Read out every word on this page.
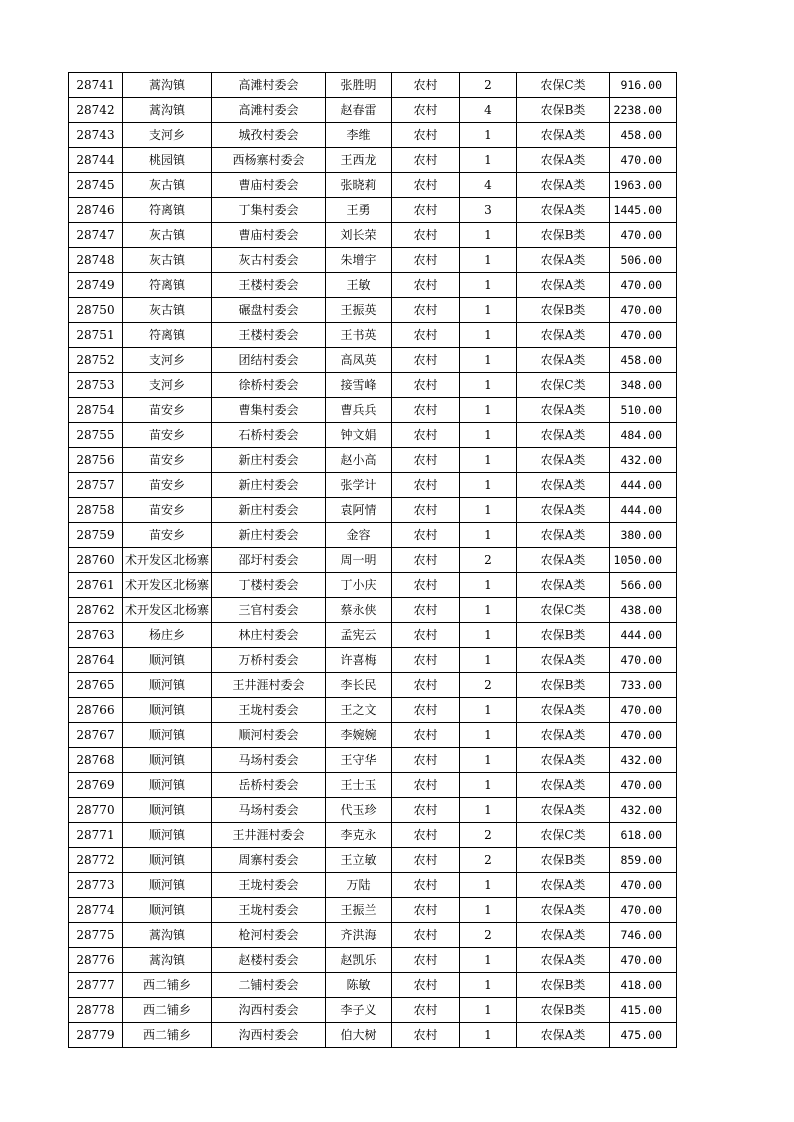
28741	蒿沟镇	高滩村委会	张胜明	农村	2	农保C类	916.00
28742	蒿沟镇	高滩村委会	赵春雷	农村	4	农保B类	2238.00
28743	支河乡	城孜村委会	李维	农村	1	农保A类	458.00
28744	桃园镇	西杨寨村委会	王西龙	农村	1	农保A类	470.00
28745	灰古镇	曹庙村委会	张晓莉	农村	4	农保A类	1963.00
28746	符离镇	丁集村委会	王勇	农村	3	农保A类	1445.00
28747	灰古镇	曹庙村委会	刘长荣	农村	1	农保B类	470.00
28748	灰古镇	灰古村委会	朱增宇	农村	1	农保A类	506.00
28749	符离镇	王楼村委会	王敏	农村	1	农保A类	470.00
28750	灰古镇	碾盘村委会	王振英	农村	1	农保B类	470.00
28751	符离镇	王楼村委会	王书英	农村	1	农保A类	470.00
28752	支河乡	团结村委会	高凤英	农村	1	农保A类	458.00
28753	支河乡	徐桥村委会	接雪峰	农村	1	农保C类	348.00
28754	苗安乡	曹集村委会	曹兵兵	农村	1	农保A类	510.00
28755	苗安乡	石桥村委会	钟文娟	农村	1	农保A类	484.00
28756	苗安乡	新庄村委会	赵小高	农村	1	农保A类	432.00
28757	苗安乡	新庄村委会	张学计	农村	1	农保A类	444.00
28758	苗安乡	新庄村委会	袁阿情	农村	1	农保A类	444.00
28759	苗安乡	新庄村委会	金容	农村	1	农保A类	380.00
28760	术开发区北杨寨	邵圩村委会	周一明	农村	2	农保A类	1050.00
28761	术开发区北杨寨	丁楼村委会	丁小庆	农村	1	农保A类	566.00
28762	术开发区北杨寨	三官村委会	蔡永侠	农村	1	农保C类	438.00
28763	杨庄乡	林庄村委会	孟宪云	农村	1	农保B类	444.00
28764	顺河镇	万桥村委会	许喜梅	农村	1	农保A类	470.00
28765	顺河镇	王井涯村委会	李长民	农村	2	农保B类	733.00
28766	顺河镇	王垅村委会	王之文	农村	1	农保A类	470.00
28767	顺河镇	顺河村委会	李婉婉	农村	1	农保A类	470.00
28768	顺河镇	马场村委会	王守华	农村	1	农保A类	432.00
28769	顺河镇	岳桥村委会	王士玉	农村	1	农保A类	470.00
28770	顺河镇	马场村委会	代玉珍	农村	1	农保A类	432.00
28771	顺河镇	王井涯村委会	李克永	农村	2	农保C类	618.00
28772	顺河镇	周寨村委会	王立敏	农村	2	农保B类	859.00
28773	顺河镇	王垅村委会	万陆	农村	1	农保A类	470.00
28774	顺河镇	王垅村委会	王振兰	农村	1	农保A类	470.00
28775	蒿沟镇	枪河村委会	齐洪海	农村	2	农保A类	746.00
28776	蒿沟镇	赵楼村委会	赵凯乐	农村	1	农保A类	470.00
28777	西二铺乡	二铺村委会	陈敏	农村	1	农保B类	418.00
28778	西二铺乡	沟西村委会	李子义	农村	1	农保B类	415.00
28779	西二铺乡	沟西村委会	伯大树	农村	1	农保A类	475.00
